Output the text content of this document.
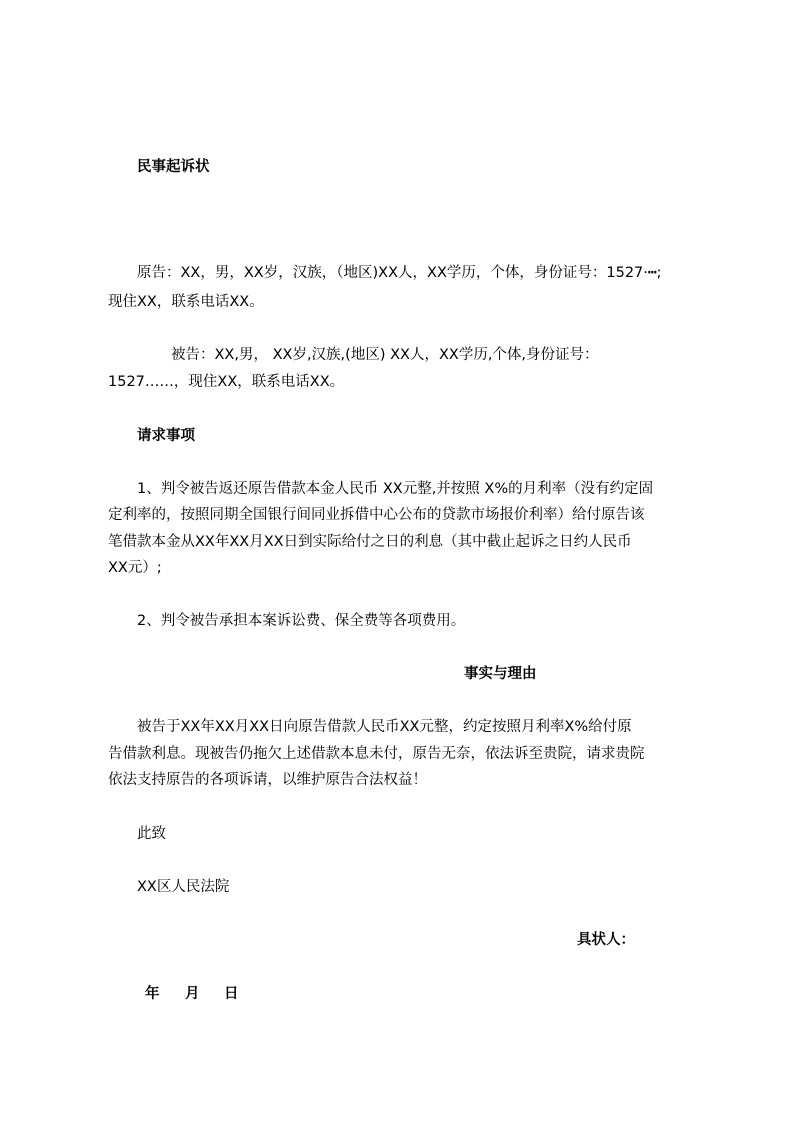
民事起诉状
原告：XX，男，XX岁，汉族，（地区)XX人，XX学历，个体，身份证号：1527·┅;
现住XX，联系电话XX。
被告：XX,男， XX岁,汉族,(地区) XX人，XX学历,个体,身份证号：
1527……，现住XX，联系电话XX。
请求事项
1、判令被告返还原告借款本金人民币 XX元整,并按照 X%的月利率（没有约定固
定利率的，按照同期全国银行间同业拆借中心公布的贷款市场报价利率）给付原告该
笔借款本金从XX年XX月XX日到实际给付之日的利息（其中截止起诉之日约人民币
XX元）;
2、判令被告承担本案诉讼费、保全费等各项费用。
事实与理由
被告于XX年XX月XX日向原告借款人民币XX元整，约定按照月利率X%给付原
告借款利息。现被告仍拖欠上述借款本息未付，原告无奈，依法诉至贵院，请求贵院
依法支持原告的各项诉请，以维护原告合法权益！
此致
XX区人民法院
具状人：
年 月 日
